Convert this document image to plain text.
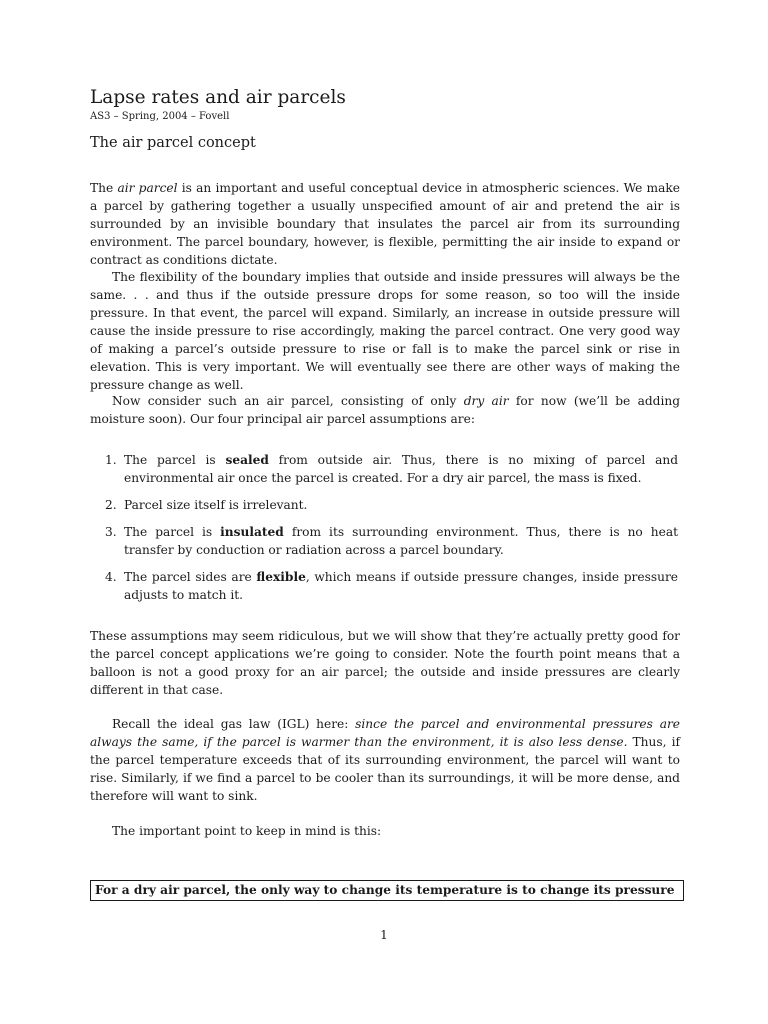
Lapse rates and air parcels

AS3 – Spring, 2004 – Fovell

The air parcel concept

The air parcel is an important and useful conceptual device in atmospheric sciences. We make a parcel by gathering together a usually unspecified amount of air and pretend the air is surrounded by an invisible boundary that insulates the parcel air from its surrounding environment. The parcel boundary, however, is flexible, permitting the air inside to expand or contract as conditions dictate.

The flexibility of the boundary implies that outside and inside pressures will always be the same. . . and thus if the outside pressure drops for some reason, so too will the inside pressure. In that event, the parcel will expand. Similarly, an increase in outside pressure will cause the inside pressure to rise accordingly, making the parcel contract. One very good way of making a parcel’s outside pressure to rise or fall is to make the parcel sink or rise in elevation. This is very important. We will eventually see there are other ways of making the pressure change as well.

Now consider such an air parcel, consisting of only dry air for now (we’ll be adding moisture soon). Our four principal air parcel assumptions are:

1. The parcel is sealed from outside air. Thus, there is no mixing of parcel and environmental air once the parcel is created. For a dry air parcel, the mass is fixed.
2. Parcel size itself is irrelevant.
3. The parcel is insulated from its surrounding environment. Thus, there is no heat transfer by conduction or radiation across a parcel boundary.
4. The parcel sides are flexible, which means if outside pressure changes, inside pressure adjusts to match it.

These assumptions may seem ridiculous, but we will show that they’re actually pretty good for the parcel concept applications we’re going to consider. Note the fourth point means that a balloon is not a good proxy for an air parcel; the outside and inside pressures are clearly different in that case.

Recall the ideal gas law (IGL) here: since the parcel and environmental pressures are always the same, if the parcel is warmer than the environment, it is also less dense. Thus, if the parcel temperature exceeds that of its surrounding environment, the parcel will want to rise. Similarly, if we find a parcel to be cooler than its surroundings, it will be more dense, and therefore will want to sink.

The important point to keep in mind is this:

For a dry air parcel, the only way to change its temperature is to change its pressure

1
